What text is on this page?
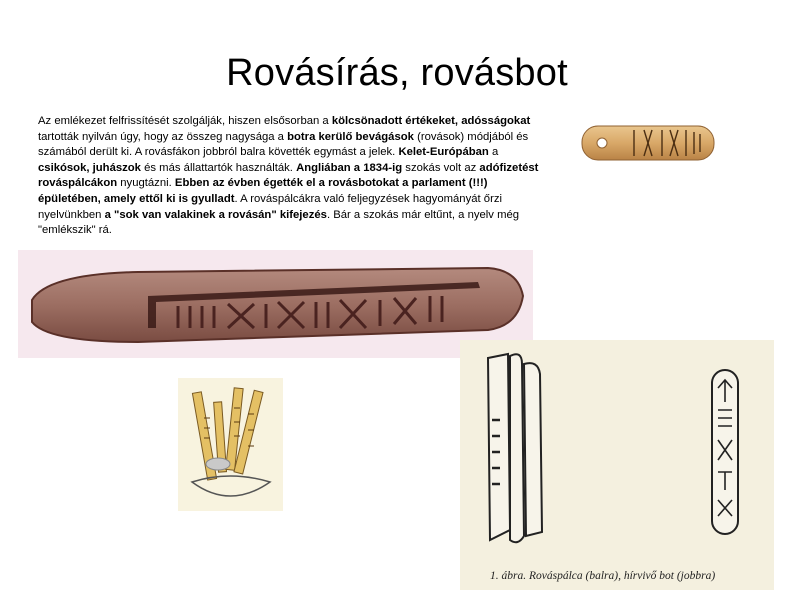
Rovásírás, rovásbot
Az emlékezet felfrissítését szolgálják, hiszen elsősorban a kölcsönadott értékeket, adósságokat tartották nyilván úgy, hogy az összeg nagysága a botra kerülő bevágások (rovások) módjából és számából derült ki. A rovásfákon jobbról balra követték egymást a jelek. Kelet-Európában a csikósok, juhászok és más állattartók használták. Angliában a 1834-ig szokás volt az adófizetést rováspálcákon nyugtázni. Ebben az évben égették el a rovásbotokat a parlament (!!!) épületében, amely ettől ki is gyulladt. A rováspálcákra való feljegyzések hagyományát őrzi nyelvünkben a "sok van valakinek a rovásán" kifejezés. Bár a szokás már eltűnt, a nyelv még "emlékszik" rá.
1. ábra. Rováspálca (balra), hírvivő bot (jobbra)
